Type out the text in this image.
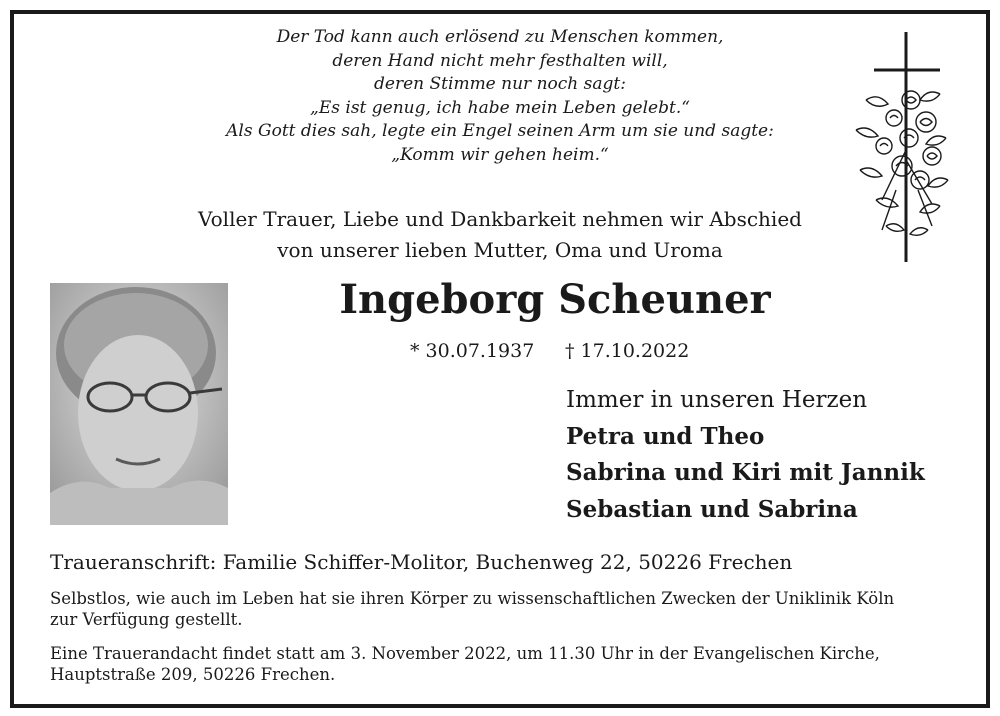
Der Tod kann auch erlösend zu Menschen kommen,
deren Hand nicht mehr festhalten will,
deren Stimme nur noch sagt:
„Es ist genug, ich habe mein Leben gelebt.“
Als Gott dies sah, legte ein Engel seinen Arm um sie und sagte:
„Komm wir gehen heim.“
Voller Trauer, Liebe und Dankbarkeit nehmen wir Abschied
von unserer lieben Mutter, Oma und Uroma
Ingeborg Scheuner
* 30.07.1937 † 17.10.2022
Immer in unseren Herzen
Petra und Theo
Sabrina und Kiri mit Jannik
Sebastian und Sabrina
Traueranschrift: Familie Schiffer-Molitor, Buchenweg 22, 50226 Frechen
Selbstlos, wie auch im Leben hat sie ihren Körper zu wissenschaftlichen Zwecken der Uniklinik Köln
zur Verfügung gestellt.
Eine Trauerandacht findet statt am 3. November 2022, um 11.30 Uhr in der Evangelischen Kirche,
Hauptstraße 209, 50226 Frechen.
